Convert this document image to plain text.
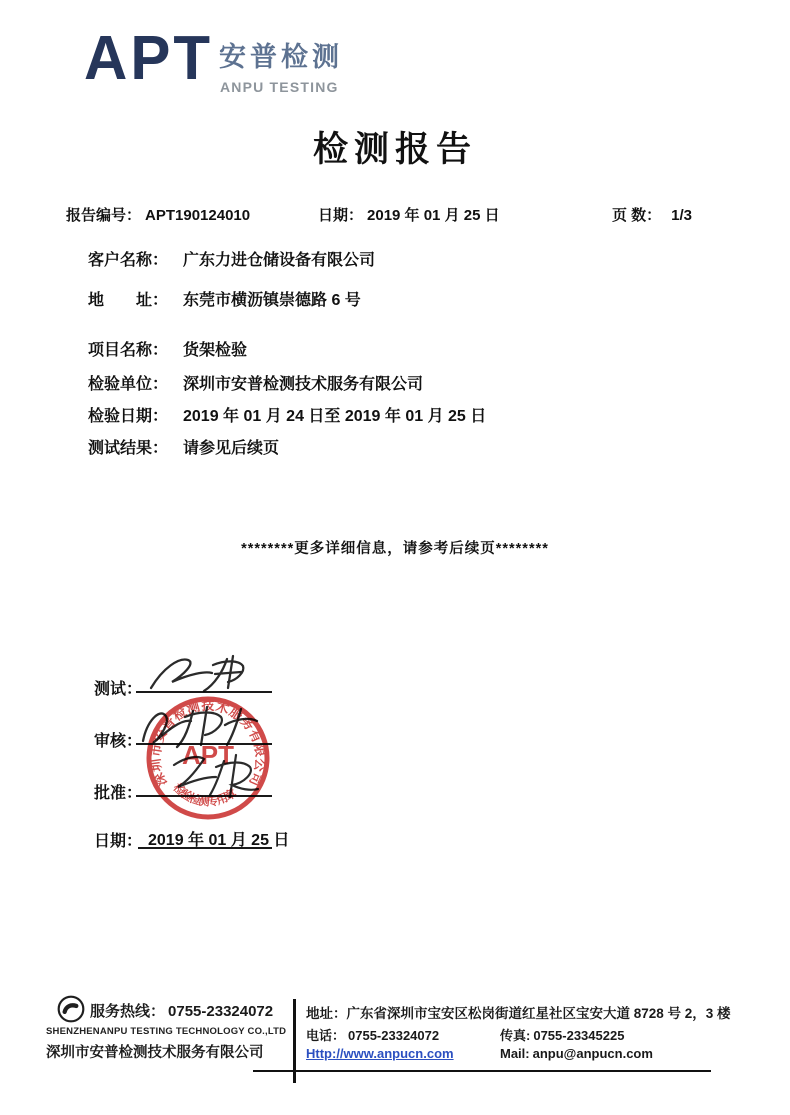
APT 安普检测
ANPU TESTING
检测报告
报告编号： APT190124010	日期： 2019 年 01 月 25 日	页 数： 1/3
客户名称： 广东力进仓储设备有限公司
地　　址： 东莞市横沥镇崇德路 6 号
项目名称： 货架检验
检验单位： 深圳市安普检测技术服务有限公司
检验日期： 2019 年 01 月 24 日至 2019 年 01 月 25 日
测试结果： 请参见后续页
********更多详细信息，请参考后续页********
测试：
审核：
批准：
日期： 2019 年 01 月 25 日
深圳市安普检测技术服务有限公司
APT
检验检测专用章
服务热线： 0755-23324072
SHENZHENANPU TESTING TECHNOLOGY CO.,LTD
深圳市安普检测技术服务有限公司
地址：广东省深圳市宝安区松岗街道红星社区宝安大道 8728 号 2，3 楼
电话： 0755-23324072	传真: 0755-23345225
Http://www.anpucn.com	Mail: anpu@anpucn.com
